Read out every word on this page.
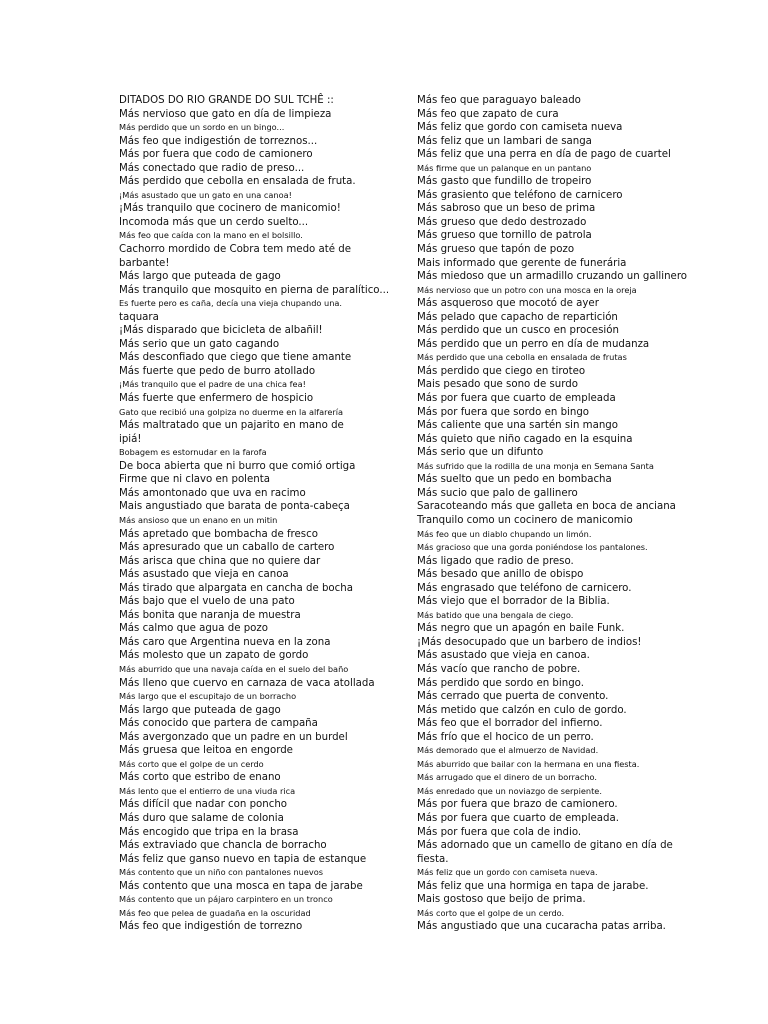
DITADOS DO RIO GRANDE DO SUL TCHÊ ::
Más nervioso que gato en día de limpieza
Más perdido que un sordo en un bingo...
Más feo que indigestión de torreznos...
Más por fuera que codo de camionero
Más conectado que radio de preso...
Más perdido que cebolla en ensalada de fruta.
¡Más asustado que un gato en una canoa!
¡Más tranquilo que cocinero de manicomio!
Incomoda más que un cerdo suelto...
Más feo que caída con la mano en el bolsillo.
Cachorro mordido de Cobra tem medo até de
barbante!
Más largo que puteada de gago
Más tranquilo que mosquito en pierna de paralítico...
Es fuerte pero es caña, decía una vieja chupando una.
taquara
¡Más disparado que bicicleta de albañil!
Más serio que un gato cagando
Más desconfiado que ciego que tiene amante
Más fuerte que pedo de burro atollado
¡Más tranquilo que el padre de una chica fea!
Más fuerte que enfermero de hospicio
Gato que recibió una golpiza no duerme en la alfarería
Más maltratado que un pajarito en mano de
ipiá!
Bobagem es estornudar en la farofa
De boca abierta que ni burro que comió ortiga
Firme que ni clavo en polenta
Más amontonado que uva en racimo
Mais angustiado que barata de ponta-cabeça
Más ansioso que un enano en un mitin
Más apretado que bombacha de fresco
Más apresurado que un caballo de cartero
Más arisca que china que no quiere dar
Más asustado que vieja en canoa
Más tirado que alpargata en cancha de bocha
Más bajo que el vuelo de una pato
Más bonita que naranja de muestra
Más calmo que agua de pozo
Más caro que Argentina nueva en la zona
Más molesto que un zapato de gordo
Más aburrido que una navaja caída en el suelo del baño
Más lleno que cuervo en carnaza de vaca atollada
Más largo que el escupitajo de un borracho
Más largo que puteada de gago
Más conocido que partera de campaña
Más avergonzado que un padre en un burdel
Más gruesa que leitoa en engorde
Más corto que el golpe de un cerdo
Más corto que estribo de enano
Más lento que el entierro de una viuda rica
Más difícil que nadar con poncho
Más duro que salame de colonia
Más encogido que tripa en la brasa
Más extraviado que chancla de borracho
Más feliz que ganso nuevo en tapia de estanque
Más contento que un niño con pantalones nuevos
Más contento que una mosca en tapa de jarabe
Más contento que un pájaro carpintero en un tronco
Más feo que pelea de guadaña en la oscuridad
Más feo que indigestión de torrezno
Más feo que paraguayo baleado
Más feo que zapato de cura
Más feliz que gordo con camiseta nueva
Más feliz que un lambari de sanga
Más feliz que una perra en día de pago de cuartel
Más firme que un palanque en un pantano
Más gasto que fundillo de tropeiro
Más grasiento que teléfono de carnicero
Más sabroso que un beso de prima
Más grueso que dedo destrozado
Más grueso que tornillo de patrola
Más grueso que tapón de pozo
Mais informado que gerente de funerária
Más miedoso que un armadillo cruzando un gallinero
Más nervioso que un potro con una mosca en la oreja
Más asqueroso que mocotó de ayer
Más pelado que capacho de repartición
Más perdido que un cusco en procesión
Más perdido que un perro en día de mudanza
Más perdido que una cebolla en ensalada de frutas
Más perdido que ciego en tiroteo
Mais pesado que sono de surdo
Más por fuera que cuarto de empleada
Más por fuera que sordo en bingo
Más caliente que una sartén sin mango
Más quieto que niño cagado en la esquina
Más serio que un difunto
Más sufrido que la rodilla de una monja en Semana Santa
Más suelto que un pedo en bombacha
Más sucio que palo de gallinero
Saracoteando más que galleta en boca de anciana
Tranquilo como un cocinero de manicomio
Más feo que un diablo chupando un limón.
Más gracioso que una gorda poniéndose los pantalones.
Más ligado que radio de preso.
Más besado que anillo de obispo
Más engrasado que teléfono de carnicero.
Más viejo que el borrador de la Biblia.
Más batido que una bengala de ciego.
Más negro que un apagón en baile Funk.
¡Más desocupado que un barbero de indios!
Más asustado que vieja en canoa.
Más vacío que rancho de pobre.
Más perdido que sordo en bingo.
Más cerrado que puerta de convento.
Más metido que calzón en culo de gordo.
Más feo que el borrador del infierno.
Más frío que el hocico de un perro.
Más demorado que el almuerzo de Navidad.
Más aburrido que bailar con la hermana en una fiesta.
Más arrugado que el dinero de un borracho.
Más enredado que un noviazgo de serpiente.
Más por fuera que brazo de camionero.
Más por fuera que cuarto de empleada.
Más por fuera que cola de indio.
Más adornado que un camello de gitano en día de
fiesta.
Más feliz que un gordo con camiseta nueva.
Más feliz que una hormiga en tapa de jarabe.
Mais gostoso que beijo de prima.
Más corto que el golpe de un cerdo.
Más angustiado que una cucaracha patas arriba.
